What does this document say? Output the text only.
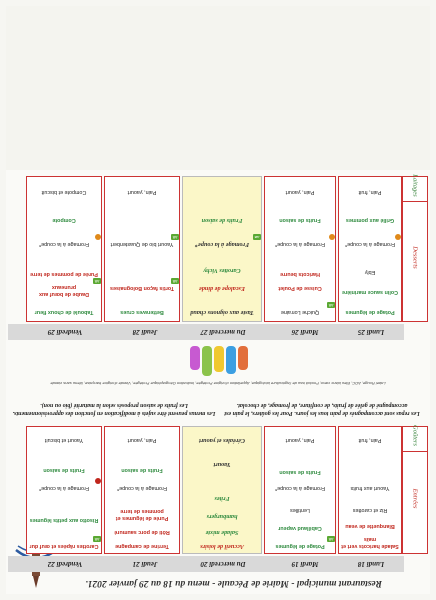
Restaurant municipal - Mairie de Pécaule - menu du 18 au 29 janvier 2021.
Lundi 18
Mardi 19
Du mercredi 20
Jeudi 21
Vendredi 22
Entrées
Goûters
Salade haricots vert et maïs
Blanquette de veau
Riz et carottes
Yaourt aux fruits
Pain, fruit
Potage de légumes
AB
Cabillaud vapeur
Lentilles
Fromage à la coupe*
Fruits de saison
Pain, yaourt
Accueil de loisirs
Salade mixte
hamburgers
Frites
Yaourt
Céréales et yaourt
Terrine de campagne
Rôti de porc saumuré
Purée de légumes et pommes de terre
Fromage à la coupe*
Fruits de saison
Pain, yaourt
Carottes râpées et œuf dur
AB
Risotto aux petits légumes
Fromage à la coupe*
Fruits de saison
Yaourt et biscuit
Les repas sont accompagnés de pain tous les jours. Pour les goûters, le pain est accompagné de gelée de fruits, de confiture, de fromage, de chocolat.
Label Rouge, AOC, Bleu blanc cœur, Produit issu de l'agriculture biologique, Appellation d'origine Protégée, Indication Géographique Protégée, Viande d'origine française, Menu sans viande
Les menus peuvent être sujets à modification en fonction des approvisionnements. Les fruits de saison proposés selon la maturité (bio ou non).
Lundi 25
Mardi 26
Du mercredi 27
Jeudi 28
Vendredi 29
Desserts
Laitages
Potage de légumes
Colin sauce marinière
Ebly
Fromage à la coupe*
Grillé aux pommes
Pain, fruit
Quiche Lorraine
AB
Cuisse de Poulet
Haricots beurre
Fromage à la coupe*
Fruits de saison
Pain, yaourt
Taste aux oignons chaud
Escalope de dinde
Carottes Vichy
Fromage à la coupe*
AB
Fruits de saison
Betteraves crues
Tortis façon Bolognaises
AB
Yaourt bio de Quastenbert
AB
Pain, yaourt
Taboulé de choux fleur
Daube de bœuf aux pruneaux
AB
Purée de pommes de terre
Fromage à la coupe*
Compote
Compote et biscuit
